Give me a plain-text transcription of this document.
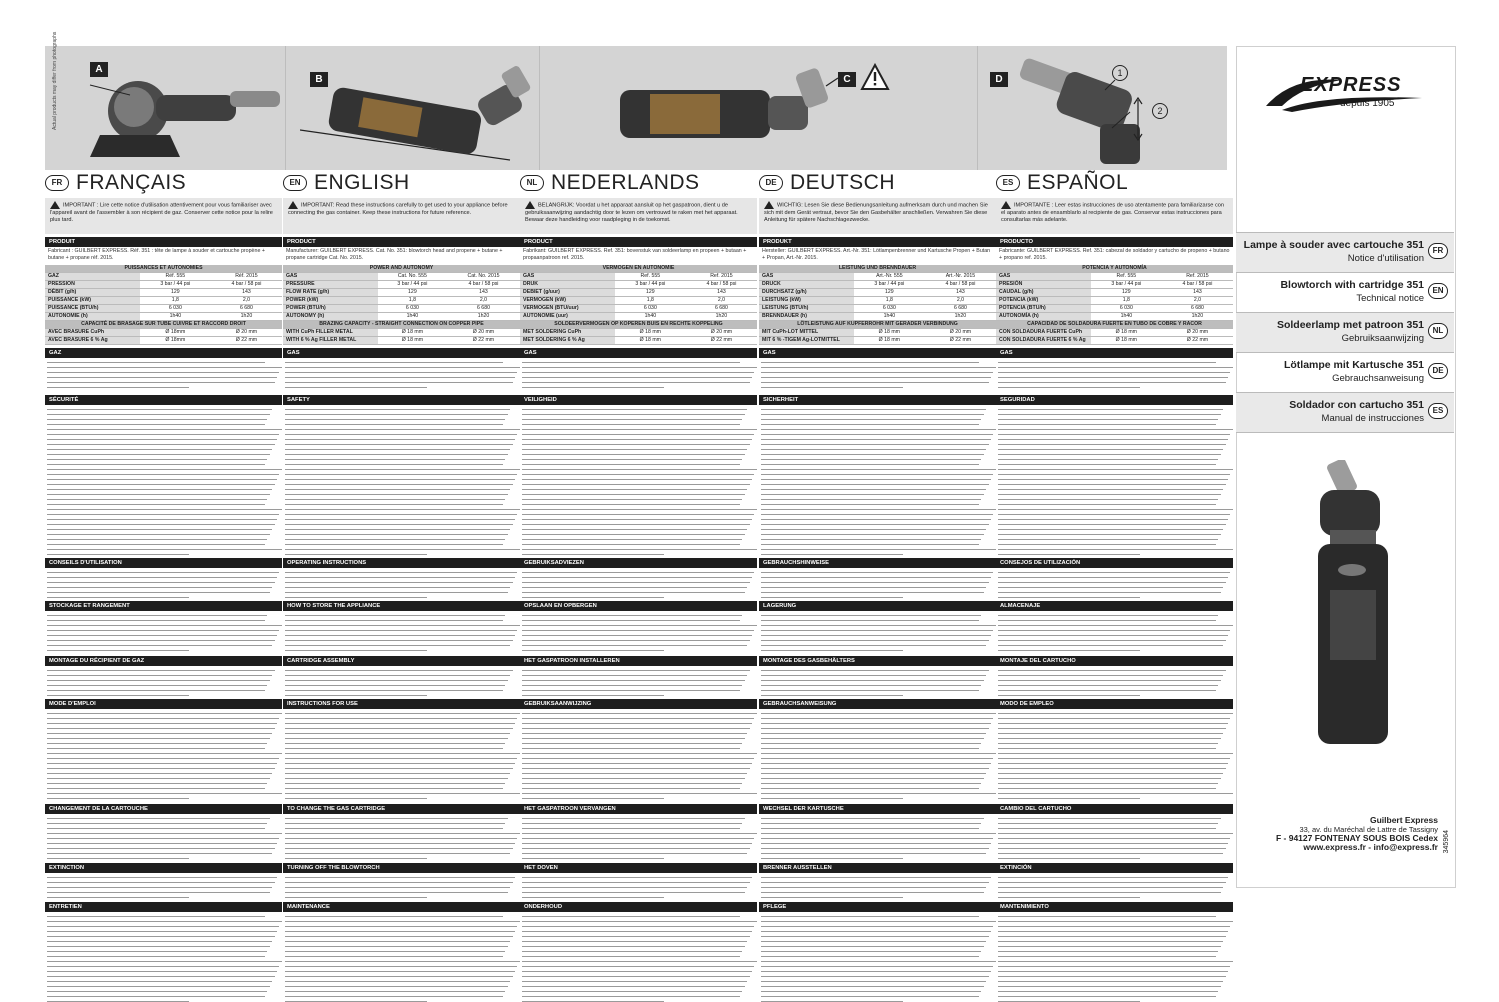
Actual products may differ from photographs	A
B	C	D
1
2
FR FRANÇAIS
IMPORTANT : Lire cette notice d'utilisation attentivement pour vous familiariser avec l'appareil avant de l'assembler à son récipient de gaz. Conserver cette notice pour la relire plus tard.
PRODUIT
Fabricant : GUILBERT EXPRESS. Réf. 351 : tête de lampe à souder et cartouche propène + butane + propane réf. 2015.
PUISSANCES ET AUTONOMIES		
GAZ	Réf. 555	Réf. 2015
PRESSION	3 bar / 44 psi	4 bar / 58 psi
DÉBIT (g/h)	129	143
PUISSANCE (kW)	1,8	2,0
PUISSANCE (BTU/h)	6 030	6 680
AUTONOMIE (h)	1h40	1h20
CAPACITÉ DE BRASAGE SUR TUBE CUIVRE ET RACCORD DROIT		
AVEC BRASURE CuPh	Ø 18mm	Ø 20 mm
AVEC BRASURE 6 % Ag	Ø 18mm	Ø 22 mm
GAZ
SÉCURITÉ
CONSEILS D'UTILISATION
STOCKAGE ET RANGEMENT
MONTAGE DU RÉCIPIENT DE GAZ
MODE D'EMPLOI
CHANGEMENT DE LA CARTOUCHE
EXTINCTION
ENTRETIEN
EN ENGLISH
IMPORTANT: Read these instructions carefully to get used to your appliance before connecting the gas container. Keep these instructions for future reference.
PRODUCT
Manufacturer: GUILBERT EXPRESS. Cat. No. 351: blowtorch head and propene + butane + propane cartridge Cat. No. 2015.
POWER AND AUTONOMY		
GAS	Cat. No. 555	Cat. No. 2015
PRESSURE	3 bar / 44 psi	4 bar / 58 psi
FLOW RATE (g/h)	129	143
POWER (kW)	1,8	2,0
POWER (BTU/h)	6 030	6 680
AUTONOMY (h)	1h40	1h20
BRAZING CAPACITY - STRAIGHT CONNECTION ON COPPER PIPE		
WITH CuPh FILLER METAL	Ø 18 mm	Ø 20 mm
WITH 6 % Ag FILLER METAL	Ø 18 mm	Ø 22 mm
GAS
SAFETY
OPERATING INSTRUCTIONS
HOW TO STORE THE APPLIANCE
CARTRIDGE ASSEMBLY
INSTRUCTIONS FOR USE
TO CHANGE THE GAS CARTRIDGE
TURNING OFF THE BLOWTORCH
MAINTENANCE
NL NEDERLANDS
BELANGRIJK: Voordat u het apparaat aansluit op het gaspatroon, dient u de gebruiksaanwijzing aandachtig door te lezen om vertrouwd te raken met het apparaat. Bewaar deze handleiding voor raadpleging in de toekomst.
PRODUCT
Fabrikant: GUILBERT EXPRESS. Ref. 351: bovenstuk van soldeerlamp en propeen + butaan + propaanpatroon ref. 2015.
VERMOGEN EN AUTONOMIE		
GAS	Ref. 555	Ref. 2015
DRUK	3 bar / 44 psi	4 bar / 58 psi
DEBIET (g/uur)	129	143
VERMOGEN (kW)	1,8	2,0
VERMOGEN (BTU/uur)	6 030	6 680
AUTONOMIE (uur)	1h40	1h20
SOLDEERVERMOGEN OP KOPEREN BUIS EN RECHTE KOPPELING		
MET SOLDERING CuPh	Ø 18 mm	Ø 20 mm
MET SOLDERING 6 % Ag	Ø 18 mm	Ø 22 mm
GAS
VEILIGHEID
GEBRUIKSADVIEZEN
OPSLAAN EN OPBERGEN
HET GASPATROON INSTALLEREN
GEBRUIKSAANWIJZING
HET GASPATROON VERVANGEN
HET DOVEN
ONDERHOUD
DE DEUTSCH
WICHTIG: Lesen Sie diese Bedienungsanleitung aufmerksam durch und machen Sie sich mit dem Gerät vertraut, bevor Sie den Gasbehälter anschließen. Verwahren Sie diese Anleitung für spätere Nachschlagezwecke.
PRODUKT
Hersteller: GUILBERT EXPRESS. Art.-Nr. 351: Lötlampenbrenner und Kartusche Propen + Butan + Propan, Art.-Nr. 2015.
LEISTUNG UND BRENNDAUER		
GAS	Art.-Nr. 555	Art.-Nr. 2015
DRUCK	3 bar / 44 psi	4 bar / 58 psi
DURCHSATZ (g/h)	129	143
LEISTUNG (kW)	1,8	2,0
LEISTUNG (BTU/h)	6 030	6 680
BRENNDAUER (h)	1h40	1h20
LÖTLEISTUNG AUF KUPFERROHR MIT GERADER VERBINDUNG		
MIT CuPh-LOT MITTEL	Ø 18 mm	Ø 20 mm
MIT 6 % -TIGEM Ag-LOTMITTEL	Ø 18 mm	Ø 22 mm
GAS
SICHERHEIT
GEBRAUCHSHINWEISE
LAGERUNG
MONTAGE DES GASBEHÄLTERS
GEBRAUCHSANWEISUNG
WECHSEL DER KARTUSCHE
BRENNER AUSSTELLEN
PFLEGE
ES ESPAÑOL
IMPORTANTE : Leer estas instrucciones de uso atentamente para familiarizarse con el aparato antes de ensamblarlo al recipiente de gas. Conservar estas instrucciones para consultarlas más adelante.
PRODUCTO
Fabricante: GUILBERT EXPRESS. Ref. 351: cabezal de soldador y cartucho de propeno + butano + propano ref. 2015.
POTENCIA Y AUTONOMÍA		
GAS	Ref. 555	Ref. 2015
PRESIÓN	3 bar / 44 psi	4 bar / 58 psi
CAUDAL (g/h)	129	143
POTENCIA (kW)	1,8	2,0
POTENCIA (BTU/h)	6 030	6 680
AUTONOMÍA (h)	1h40	1h20
CAPACIDAD DE SOLDADURA FUERTE EN TUBO DE COBRE Y RACOR		
CON SOLDADURA FUERTE CuPh	Ø 18 mm	Ø 20 mm
CON SOLDADURA FUERTE 6 % Ag	Ø 18 mm	Ø 22 mm
GAS
SEGURIDAD
CONSEJOS DE UTILIZACIÓN
ALMACENAJE
MONTAJE DEL CARTUCHO
MODO DE EMPLEO
CAMBIO DEL CARTUCHO
EXTINCIÓN
MANTENIMIENTO
EXPRESS
depuis 1905
Lampe à souder avec cartouche 351
Notice d'utilisation
FR
Blowtorch with cartridge 351
Technical notice
EN
Soldeerlamp met patroon 351
Gebruiksaanwijzing
NL
Lötlampe mit Kartusche 351
Gebrauchsanweisung
DE
Soldador con cartucho 351
Manual de instrucciones
ES
Guilbert Express
33, av. du Maréchal de Lattre de Tassigny
F - 94127 FONTENAY SOUS BOIS Cedex
www.express.fr - info@express.fr 345964
